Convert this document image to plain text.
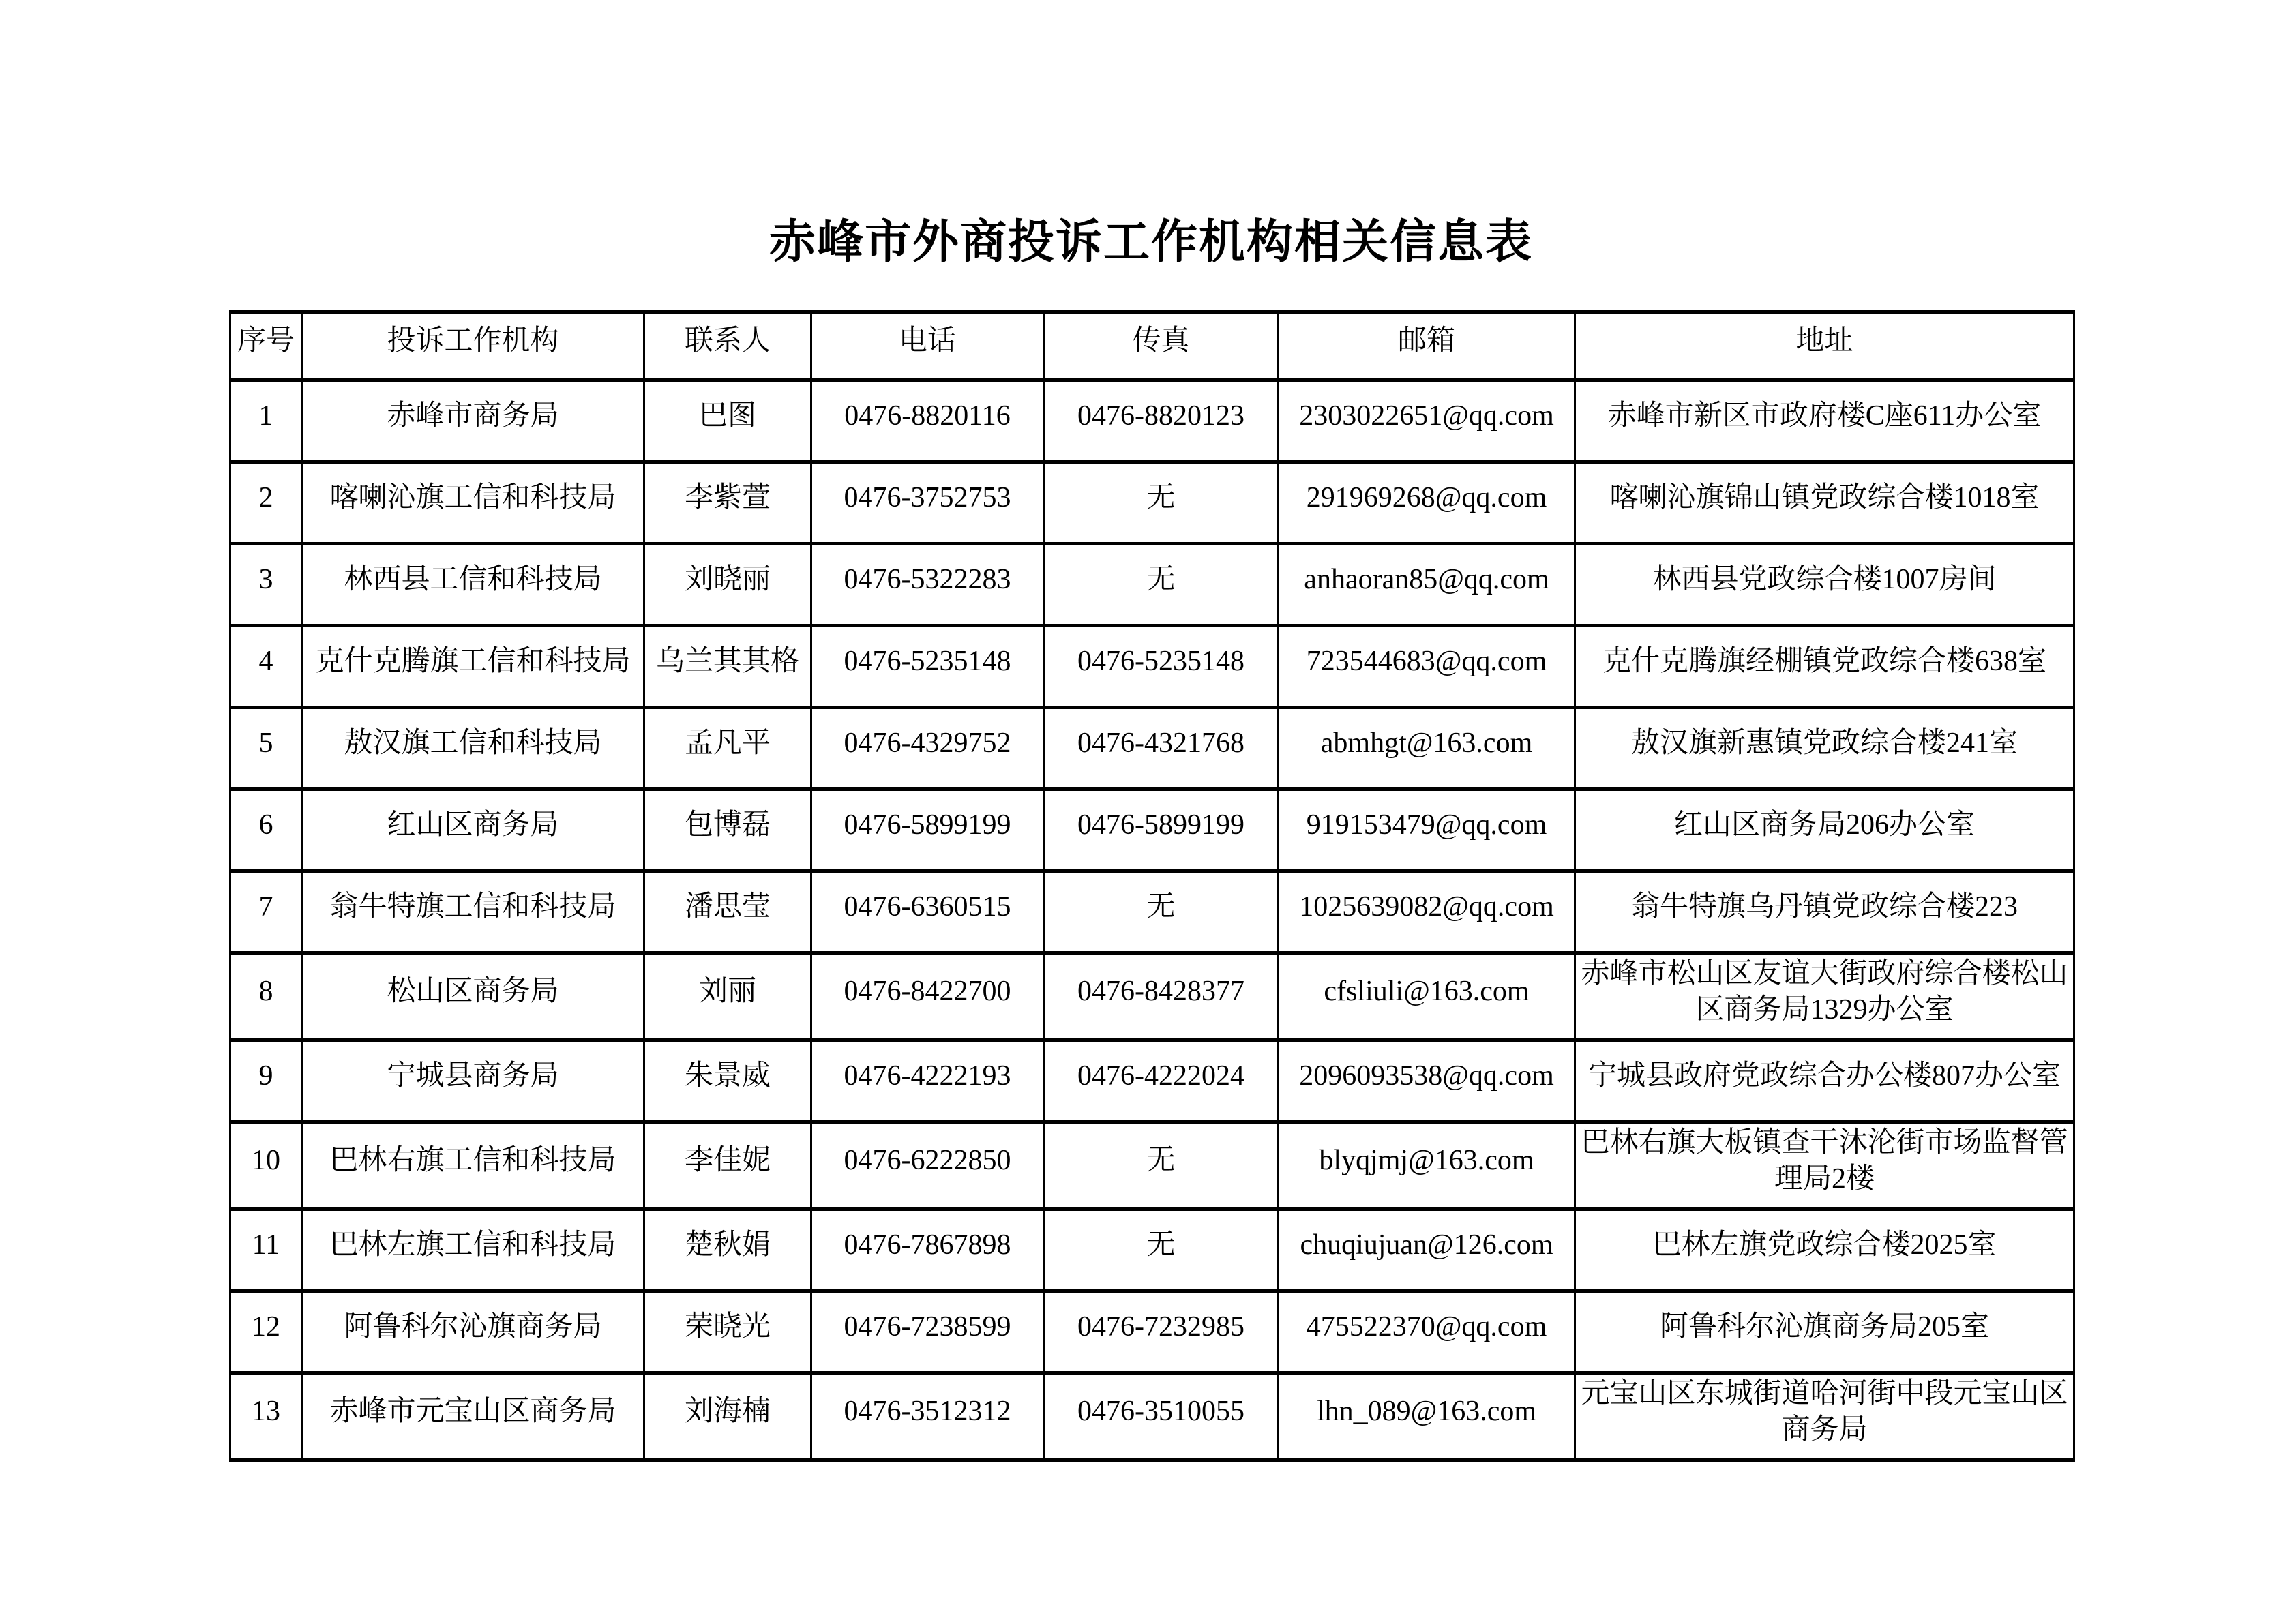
赤峰市外商投诉工作机构相关信息表
序号	投诉工作机构	联系人	电话	传真	邮箱	地址
1	赤峰市商务局	巴图	0476-8820116	0476-8820123	2303022651@qq.com	赤峰市新区市政府楼C座611办公室
2	喀喇沁旗工信和科技局	李紫萱	0476-3752753	无	291969268@qq.com	喀喇沁旗锦山镇党政综合楼1018室
3	林西县工信和科技局	刘晓丽	0476-5322283	无	anhaoran85@qq.com	林西县党政综合楼1007房间
4	克什克腾旗工信和科技局	乌兰其其格	0476-5235148	0476-5235148	723544683@qq.com	克什克腾旗经棚镇党政综合楼638室
5	敖汉旗工信和科技局	孟凡平	0476-4329752	0476-4321768	abmhgt@163.com	敖汉旗新惠镇党政综合楼241室
6	红山区商务局	包博磊	0476-5899199	0476-5899199	919153479@qq.com	红山区商务局206办公室
7	翁牛特旗工信和科技局	潘思莹	0476-6360515	无	1025639082@qq.com	翁牛特旗乌丹镇党政综合楼223
8	松山区商务局	刘丽	0476-8422700	0476-8428377	cfsliuli@163.com	赤峰市松山区友谊大街政府综合楼松山区商务局1329办公室
9	宁城县商务局	朱景威	0476-4222193	0476-4222024	2096093538@qq.com	宁城县政府党政综合办公楼807办公室
10	巴林右旗工信和科技局	李佳妮	0476-6222850	无	blyqjmj@163.com	巴林右旗大板镇查干沐沦街市场监督管理局2楼
11	巴林左旗工信和科技局	楚秋娟	0476-7867898	无	chuqiujuan@126.com	巴林左旗党政综合楼2025室
12	阿鲁科尔沁旗商务局	荣晓光	0476-7238599	0476-7232985	475522370@qq.com	阿鲁科尔沁旗商务局205室
13	赤峰市元宝山区商务局	刘海楠	0476-3512312	0476-3510055	lhn_089@163.com	元宝山区东城街道哈河街中段元宝山区商务局
